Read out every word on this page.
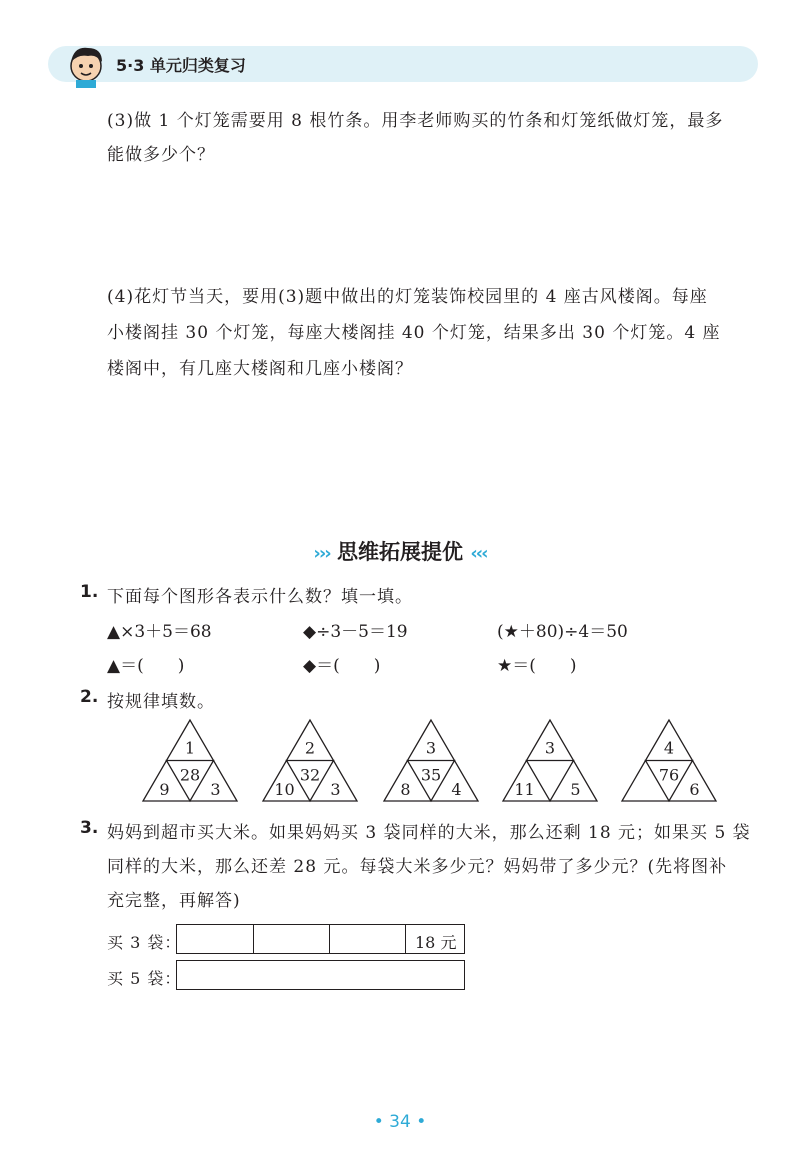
5·3 单元归类复习
(3)做 1 个灯笼需要用 8 根竹条。用李老师购买的竹条和灯笼纸做灯笼，最多
能做多少个？
(4)花灯节当天，要用(3)题中做出的灯笼装饰校园里的 4 座古风楼阁。每座
小楼阁挂 30 个灯笼，每座大楼阁挂 40 个灯笼，结果多出 30 个灯笼。4 座
楼阁中，有几座大楼阁和几座小楼阁？
››› 思维拓展提优 ‹‹‹
1. 下面每个图形各表示什么数？填一填。
▲×3＋5＝68	◆÷3－5＝19	(★＋80)÷4＝50
▲＝(　　)	◆＝(　　)	★＝(　　)
2. 按规律填数。
1
28
9	3
2
32
10 3
3
35
8	4
3
11 5
4
76
6
3. 妈妈到超市买大米。如果妈妈买 3 袋同样的大米，那么还剩 18 元；如果买 5 袋
同样的大米，那么还差 28 元。每袋大米多少元？妈妈带了多少元？(先将图补
充完整，再解答)
买 3 袋：	18 元
买 5 袋：
• 34 •
